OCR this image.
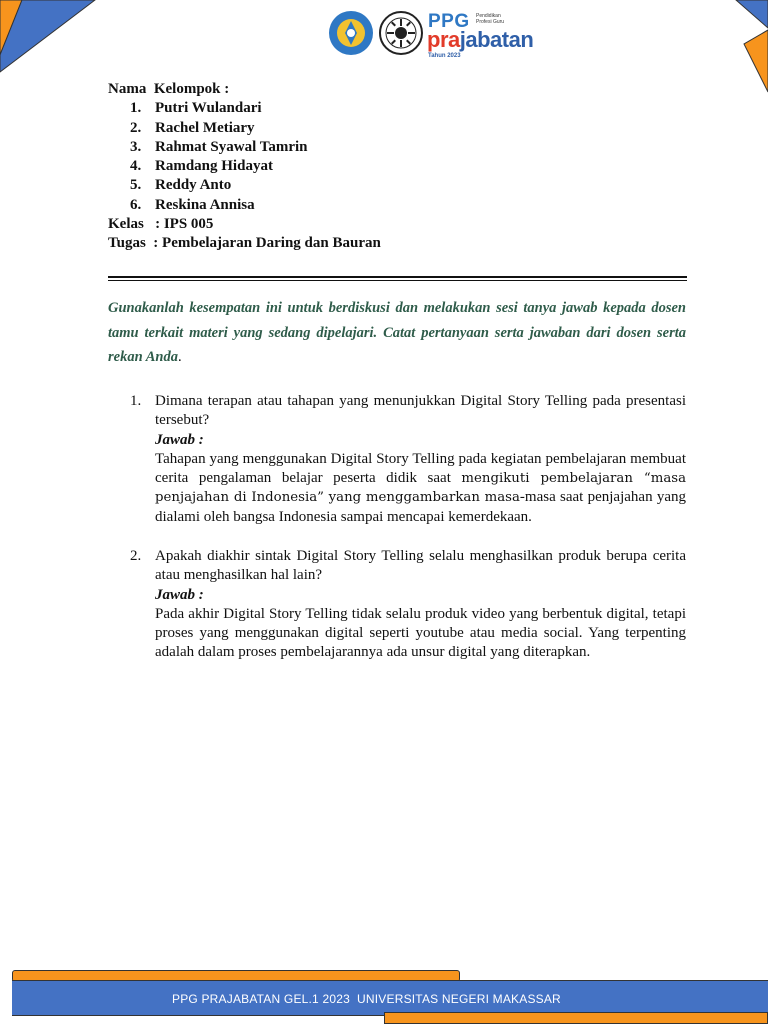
PPG Pendidikan Profesi Guru
prajabatan
Tahun 2023
Nama  Kelompok :
1. Putri Wulandari
2. Rachel Metiary
3. Rahmat Syawal Tamrin
4. Ramdang Hidayat
5. Reddy Anto
6. Reskina Annisa
Kelas   : IPS 005
Tugas  : Pembelajaran Daring dan Bauran
Gunakanlah kesempatan ini untuk berdiskusi dan melakukan sesi tanya jawab kepada dosen tamu terkait materi yang sedang dipelajari. Catat pertanyaan serta jawaban dari dosen serta rekan Anda.
1. Dimana terapan atau tahapan yang menunjukkan Digital Story Telling pada presentasi tersebut?
Jawab :
Tahapan yang menggunakan Digital Story Telling pada kegiatan pembelajaran membuat cerita pengalaman belajar peserta didik saat mengikuti pembelajaran “masa penjajahan di Indonesia” yang menggambarkan masa-masa saat penjajahan yang dialami oleh bangsa Indonesia sampai mencapai kemerdekaan.
2. Apakah diakhir sintak Digital Story Telling selalu menghasilkan produk berupa cerita atau menghasilkan hal lain?
Jawab :
Pada akhir Digital Story Telling tidak selalu produk video yang berbentuk digital, tetapi proses yang menggunakan digital seperti youtube atau media social. Yang terpenting adalah dalam proses pembelajarannya ada unsur digital yang diterapkan.
PPG PRAJABATAN GEL.1 2023  UNIVERSITAS NEGERI MAKASSAR
